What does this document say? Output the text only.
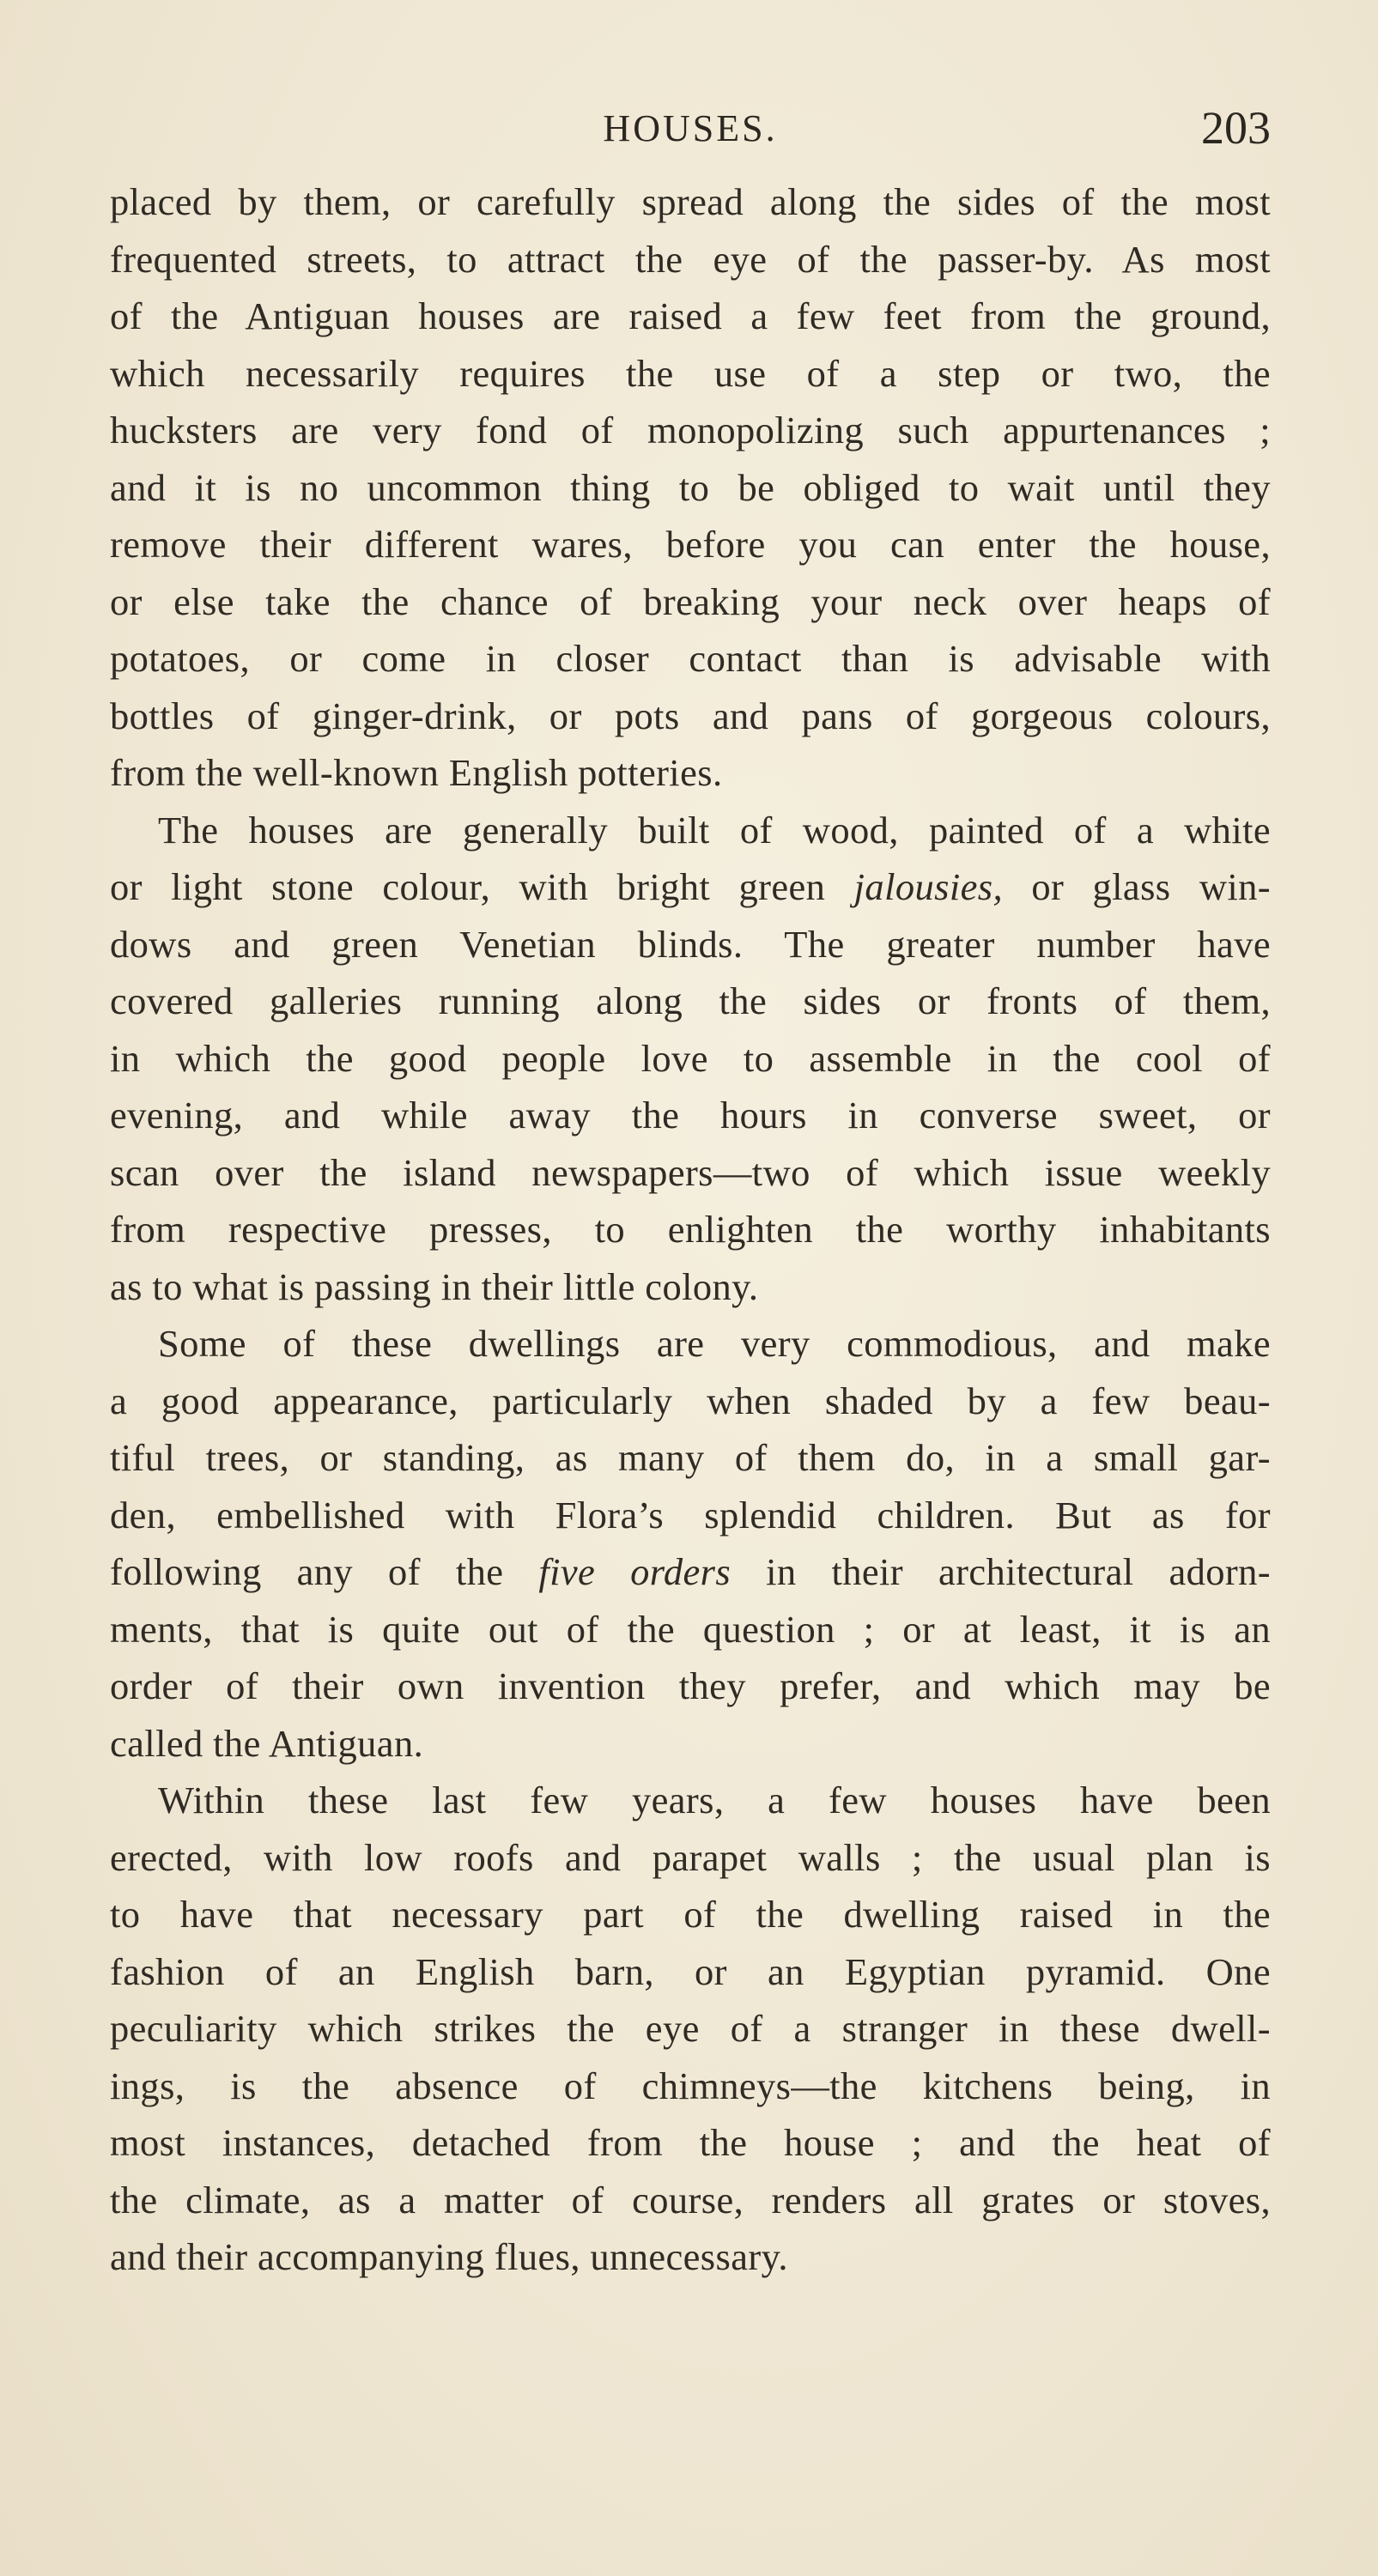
HOUSES.	203
placed by them, or carefully spread along the sides of the most
frequented streets, to attract the eye of the passer-by. As most
of the Antiguan houses are raised a few feet from the ground,
which necessarily requires the use of a step or two, the
hucksters are very fond of monopolizing such appurtenances ;
and it is no uncommon thing to be obliged to wait until they
remove their different wares, before you can enter the house,
or else take the chance of breaking your neck over heaps of
potatoes, or come in closer contact than is advisable with
bottles of ginger-drink, or pots and pans of gorgeous colours,
from the well-known English potteries.
The houses are generally built of wood, painted of a white
or light stone colour, with bright green jalousies, or glass win-
dows and green Venetian blinds. The greater number have
covered galleries running along the sides or fronts of them,
in which the good people love to assemble in the cool of
evening, and while away the hours in converse sweet, or
scan over the island newspapers—two of which issue weekly
from respective presses, to enlighten the worthy inhabitants
as to what is passing in their little colony.
Some of these dwellings are very commodious, and make
a good appearance, particularly when shaded by a few beau-
tiful trees, or standing, as many of them do, in a small gar-
den, embellished with Flora’s splendid children. But as for
following any of the five orders in their architectural adorn-
ments, that is quite out of the question ; or at least, it is an
order of their own invention they prefer, and which may be
called the Antiguan.
Within these last few years, a few houses have been
erected, with low roofs and parapet walls ; the usual plan is
to have that necessary part of the dwelling raised in the
fashion of an English barn, or an Egyptian pyramid. One
peculiarity which strikes the eye of a stranger in these dwell-
ings, is the absence of chimneys—the kitchens being, in
most instances, detached from the house ; and the heat of
the climate, as a matter of course, renders all grates or stoves,
and their accompanying flues, unnecessary.
